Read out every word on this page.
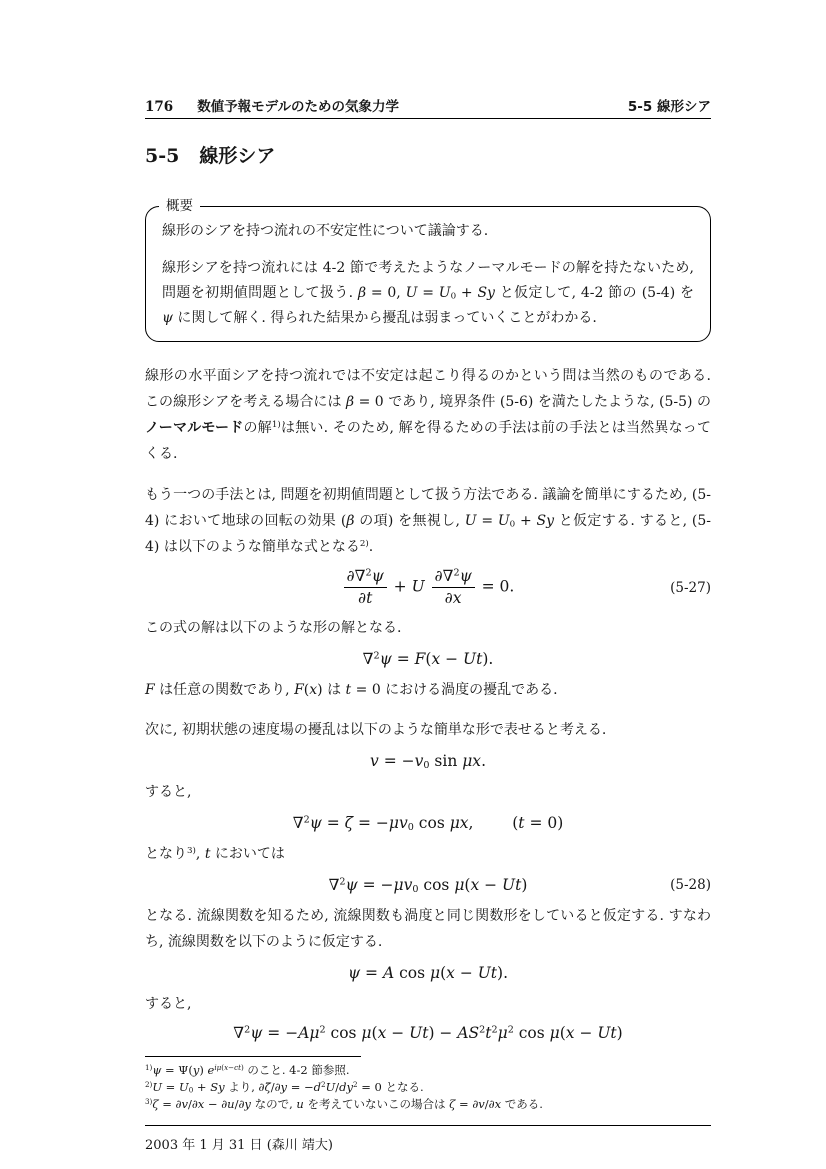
176 数値予報モデルのための気象力学	5-5 線形シア
5-5 線形シア
概要

線形のシアを持つ流れの不安定性について議論する.

線形シアを持つ流れには 4-2 節で考えたようなノーマルモードの解を持たないため, 問題を初期値問題として扱う. β = 0, $U = U_0 + Sy$ と仮定して, 4-2 節の (5-4) を ψ に関して解く. 得られた結果から擾乱は弱まっていくことがわかる.

線形の水平面シアを持つ流れでは不安定は起こり得るのかという問は当然のものである. この線形シアを考える場合には β = 0 であり, 境界条件 (5-6) を満たしたような, (5-5) のノーマルモードの解$^{1)}$は無い. そのため, 解を得るための手法は前の手法とは当然異なってくる.

もう一つの手法とは, 問題を初期値問題として扱う方法である. 議論を簡単にするため, (5-4) において地球の回転の効果 (β の項) を無視し, $U = U_0 + Sy$ と仮定する. すると, (5-4) は以下のような簡単な式となる$^{2)}$.

$\frac{\partial\nabla^2\psi}{\partial t} + U \frac{\partial\nabla^2\psi}{\partial x} = 0$.	(5-27)

この式の解は以下のような形の解となる.

∇$^2$ψ = F(x − Ut).

F は任意の関数であり, F(x) は t = 0 における渦度の擾乱である.

次に, 初期状態の速度場の擾乱は以下のような簡単な形で表せると考える.

$v = -v_0$ sin μx.

すると,

$\nabla^2\psi = \zeta = -\mu v_0$ cos μx,	(t = 0)

となり$^{3)}$, t においては

$\nabla^2\psi = -\mu v_0$ cos μ(x − Ut)	(5-28)

となる. 流線関数を知るため, 流線関数も渦度と同じ関数形をしていると仮定する. すなわち, 流線関数を以下のように仮定する.

ψ = A cos μ(x − Ut).

すると,

$\nabla^2\psi = -A\mu^2$ $\cos \mu(x - Ut) - AS^2t^2\mu^2$ cos μ(x − Ut)

$^{1)}$ψ = Ψ(y) $e^{i\mu(x-ct)}$ のこと. 4-2 節参照.

$^{2)}U = U_0 + Sy$ より, ∂ζ̄/∂y = $-d^2U/dy^2 = 0$ となる.

$^{3)}$ζ = ∂v/∂x − ∂u/∂y なので, u を考えていないこの場合は ζ = ∂v/∂x である.

2003 年 1 月 31 日 (森川 靖大)
